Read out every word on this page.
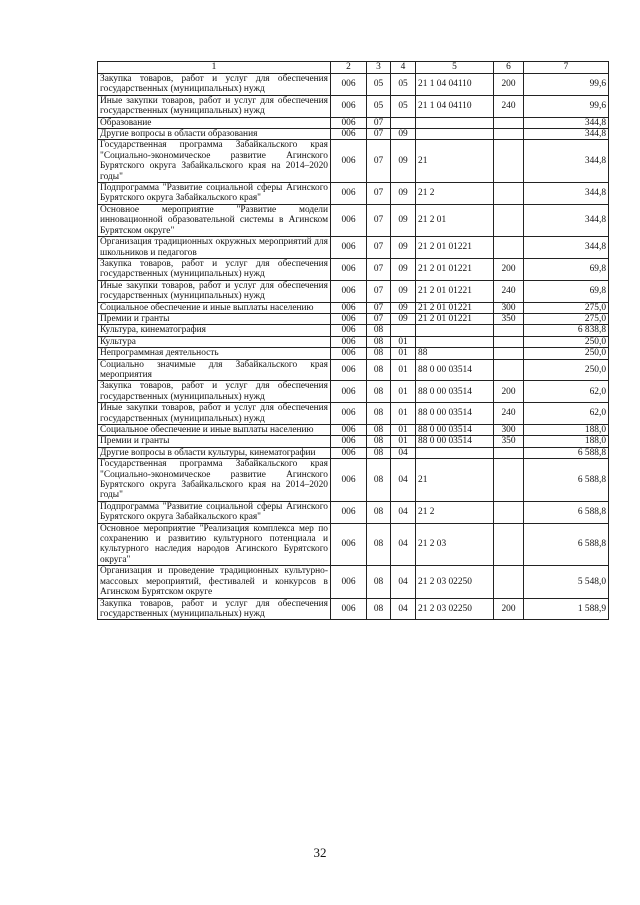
1	2	3	4	5	6	7
Закупка товаров, работ и услуг для обеспечения государственных (муниципальных) нужд	006	05	05	21 1 04 04110	200	99,6
Иные закупки товаров, работ и услуг для обеспечения государственных (муниципальных) нужд	006	05	05	21 1 04 04110	240	99,6
Образование	006	07				344,8
Другие вопросы в области образования	006	07	09			344,8
Государственная программа Забайкальского края "Социально-экономическое развитие Агинского Бурятского округа Забайкальского края на 2014–2020 годы"	006	07	09	21		344,8
Подпрограмма "Развитие социальной сферы Агинского Бурятского округа Забайкальского края"	006	07	09	21 2		344,8
Основное мероприятие "Развитие модели инновационной образовательной системы в Агинском Бурятском округе"	006	07	09	21 2 01		344,8
Организация традиционных окружных мероприятий для школьников и педагогов	006	07	09	21 2 01 01221		344,8
Закупка товаров, работ и услуг для обеспечения государственных (муниципальных) нужд	006	07	09	21 2 01 01221	200	69,8
Иные закупки товаров, работ и услуг для обеспечения государственных (муниципальных) нужд	006	07	09	21 2 01 01221	240	69,8
Социальное обеспечение и иные выплаты населению	006	07	09	21 2 01 01221	300	275,0
Премии и гранты	006	07	09	21 2 01 01221	350	275,0
Культура, кинематография	006	08				6 838,8
Культура	006	08	01			250,0
Непрограммная деятельность	006	08	01	88		250,0
Социально значимые для Забайкальского края мероприятия	006	08	01	88 0 00 03514		250,0
Закупка товаров, работ и услуг для обеспечения государственных (муниципальных) нужд	006	08	01	88 0 00 03514	200	62,0
Иные закупки товаров, работ и услуг для обеспечения государственных (муниципальных) нужд	006	08	01	88 0 00 03514	240	62,0
Социальное обеспечение и иные выплаты населению	006	08	01	88 0 00 03514	300	188,0
Премии и гранты	006	08	01	88 0 00 03514	350	188,0
Другие вопросы в области культуры, кинематографии	006	08	04			6 588,8
Государственная программа Забайкальского края "Социально-экономическое развитие Агинского Бурятского округа Забайкальского края на 2014–2020 годы"	006	08	04	21		6 588,8
Подпрограмма "Развитие социальной сферы Агинского Бурятского округа Забайкальского края"	006	08	04	21 2		6 588,8
Основное мероприятие "Реализация комплекса мер по сохранению и развитию культурного потенциала и культурного наследия народов Агинского Бурятского округа"	006	08	04	21 2 03		6 588,8
Организация и проведение традиционных культурно-массовых мероприятий, фестивалей и конкурсов в Агинском Бурятском округе	006	08	04	21 2 03 02250		5 548,0
Закупка товаров, работ и услуг для обеспечения государственных (муниципальных) нужд	006	08	04	21 2 03 02250	200	1 588,9
32
